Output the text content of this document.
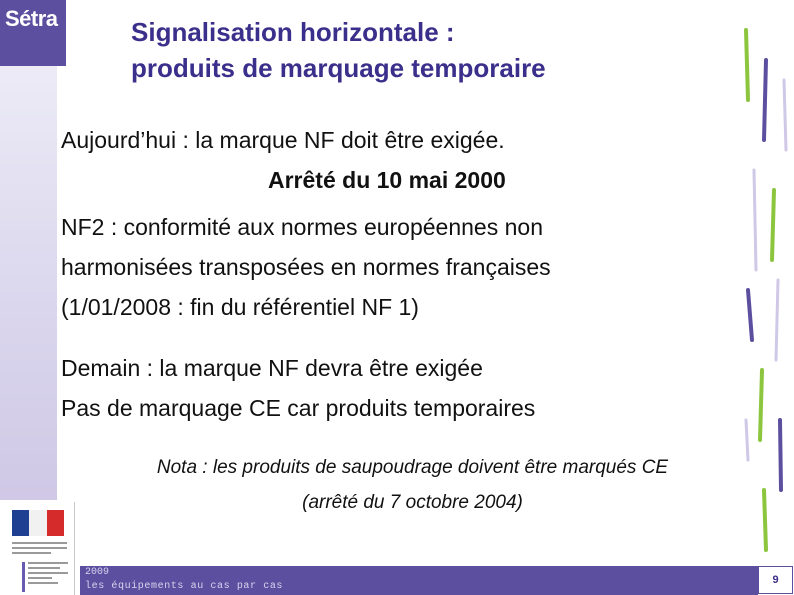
Sétra	Signalisation horizontale :
produits de marquage temporaire
Aujourd’hui : la marque NF doit être exigée.
Arrêté du 10 mai 2000
NF2 : conformité aux normes européennes non
harmonisées transposées en normes françaises
(1/01/2008 : fin du référentiel NF 1)
Demain : la marque NF devra être exigée
Pas de marquage CE car produits temporaires
Nota : les produits de saupoudrage doivent être marqués CE
(arrêté du 7 octobre 2004)
2009
les équipements au cas par cas
9
